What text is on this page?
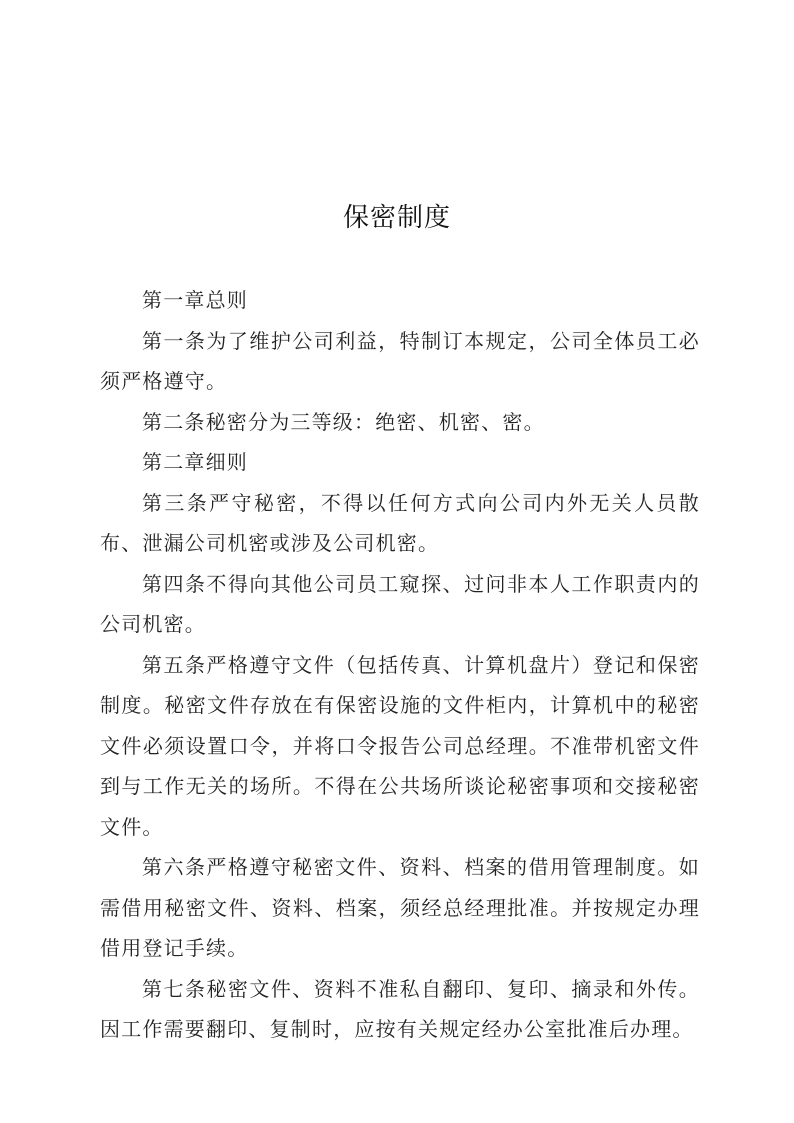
保密制度

第一章总则

第一条为了维护公司利益，特制订本规定，公司全体员工必须严格遵守。

第二条秘密分为三等级：绝密、机密、密。

第二章细则

第三条严守秘密，不得以任何方式向公司内外无关人员散布、泄漏公司机密或涉及公司机密。

第四条不得向其他公司员工窥探、过问非本人工作职责内的公司机密。

第五条严格遵守文件（包括传真、计算机盘片）登记和保密制度。秘密文件存放在有保密设施的文件柜内，计算机中的秘密文件必须设置口令，并将口令报告公司总经理。不准带机密文件到与工作无关的场所。不得在公共场所谈论秘密事项和交接秘密文件。

第六条严格遵守秘密文件、资料、档案的借用管理制度。如需借用秘密文件、资料、档案，须经总经理批准。并按规定办理借用登记手续。

第七条秘密文件、资料不准私自翻印、复印、摘录和外传。因工作需要翻印、复制时，应按有关规定经办公室批准后办理。
